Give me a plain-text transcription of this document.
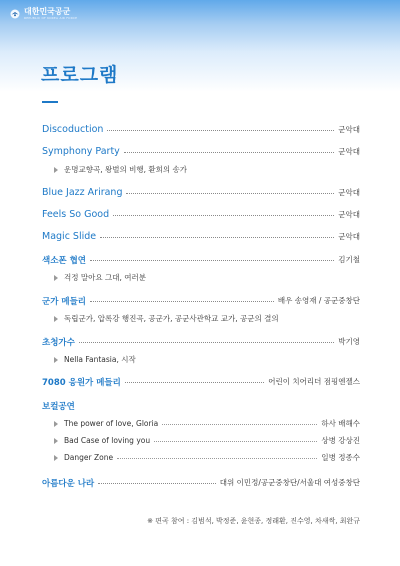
대한민국공군
REPUBLIC OF KOREA AIR FORCE
프로그램
Discoduction	군악대
Symphony Party	군악대
운명교향곡, 왕벌의 비행, 환희의 송가
Blue Jazz Arirang	군악대
Feels So Good	군악대
Magic Slide	군악대
색소폰 협연	김기철
걱정 말아요 그대, 여러분
군가 메들리	배우 송영재 / 공군중창단
독립군가, 압록강 행진곡, 공군가, 공군사관학교 교가, 공군의 결의
초청가수	박기영
Nella Fantasia, 시작
7080 응원가 메들리	어린이 치어리더 점핑엔젤스
보컬공연
The power of love, Gloria	하사 배해수
Bad Case of loving you	상병 강상진
Danger Zone	일병 정종수
아름다운 나라	대위 이민정/공군중창단/서울대 여성중창단
※ 편곡 참여 : 김범석, 박정준, 윤현종, 정래환, 진수영, 차새싹, 최완규
